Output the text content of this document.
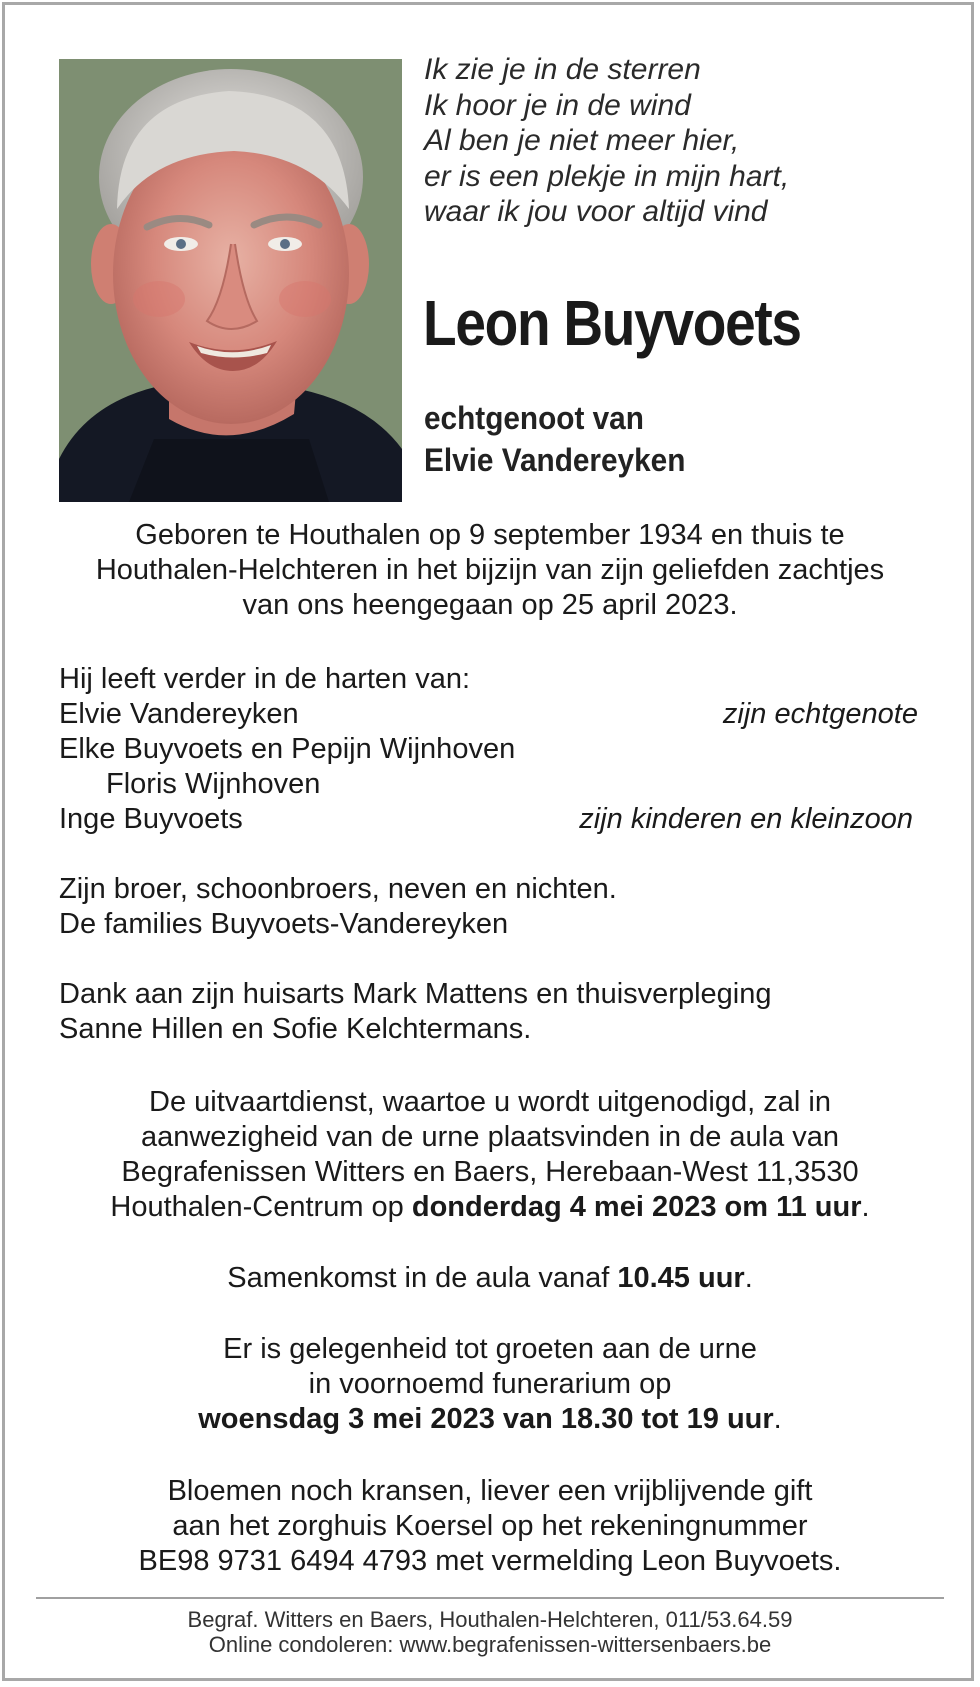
Ik zie je in de sterren
Ik hoor je in de wind
Al ben je niet meer hier,
er is een plekje in mijn hart,
waar ik jou voor altijd vind
Leon Buyvoets
echtgenoot van
Elvie Vandereyken
Geboren te Houthalen op 9 september 1934 en thuis te
Houthalen-Helchteren in het bijzijn van zijn geliefden zachtjes
van ons heengegaan op 25 april 2023.
Hij leeft verder in de harten van:
Elvie Vandereyken	zijn echtgenote
Elke Buyvoets en Pepijn Wijnhoven
Floris Wijnhoven
Inge Buyvoets	zijn kinderen en kleinzoon
Zijn broer, schoonbroers, neven en nichten.
De families Buyvoets-Vandereyken
Dank aan zijn huisarts Mark Mattens en thuisverpleging
Sanne Hillen en Sofie Kelchtermans.
De uitvaartdienst, waartoe u wordt uitgenodigd, zal in
aanwezigheid van de urne plaatsvinden in de aula van
Begrafenissen Witters en Baers, Herebaan-West 11,3530
Houthalen-Centrum op donderdag 4 mei 2023 om 11 uur.
Samenkomst in de aula vanaf 10.45 uur.
Er is gelegenheid tot groeten aan de urne
in voornoemd funerarium op
woensdag 3 mei 2023 van 18.30 tot 19 uur.
Bloemen noch kransen, liever een vrijblijvende gift
aan het zorghuis Koersel op het rekeningnummer
BE98 9731 6494 4793 met vermelding Leon Buyvoets.
Begraf. Witters en Baers, Houthalen-Helchteren, 011/53.64.59
Online condoleren: www.begrafenissen-wittersenbaers.be
